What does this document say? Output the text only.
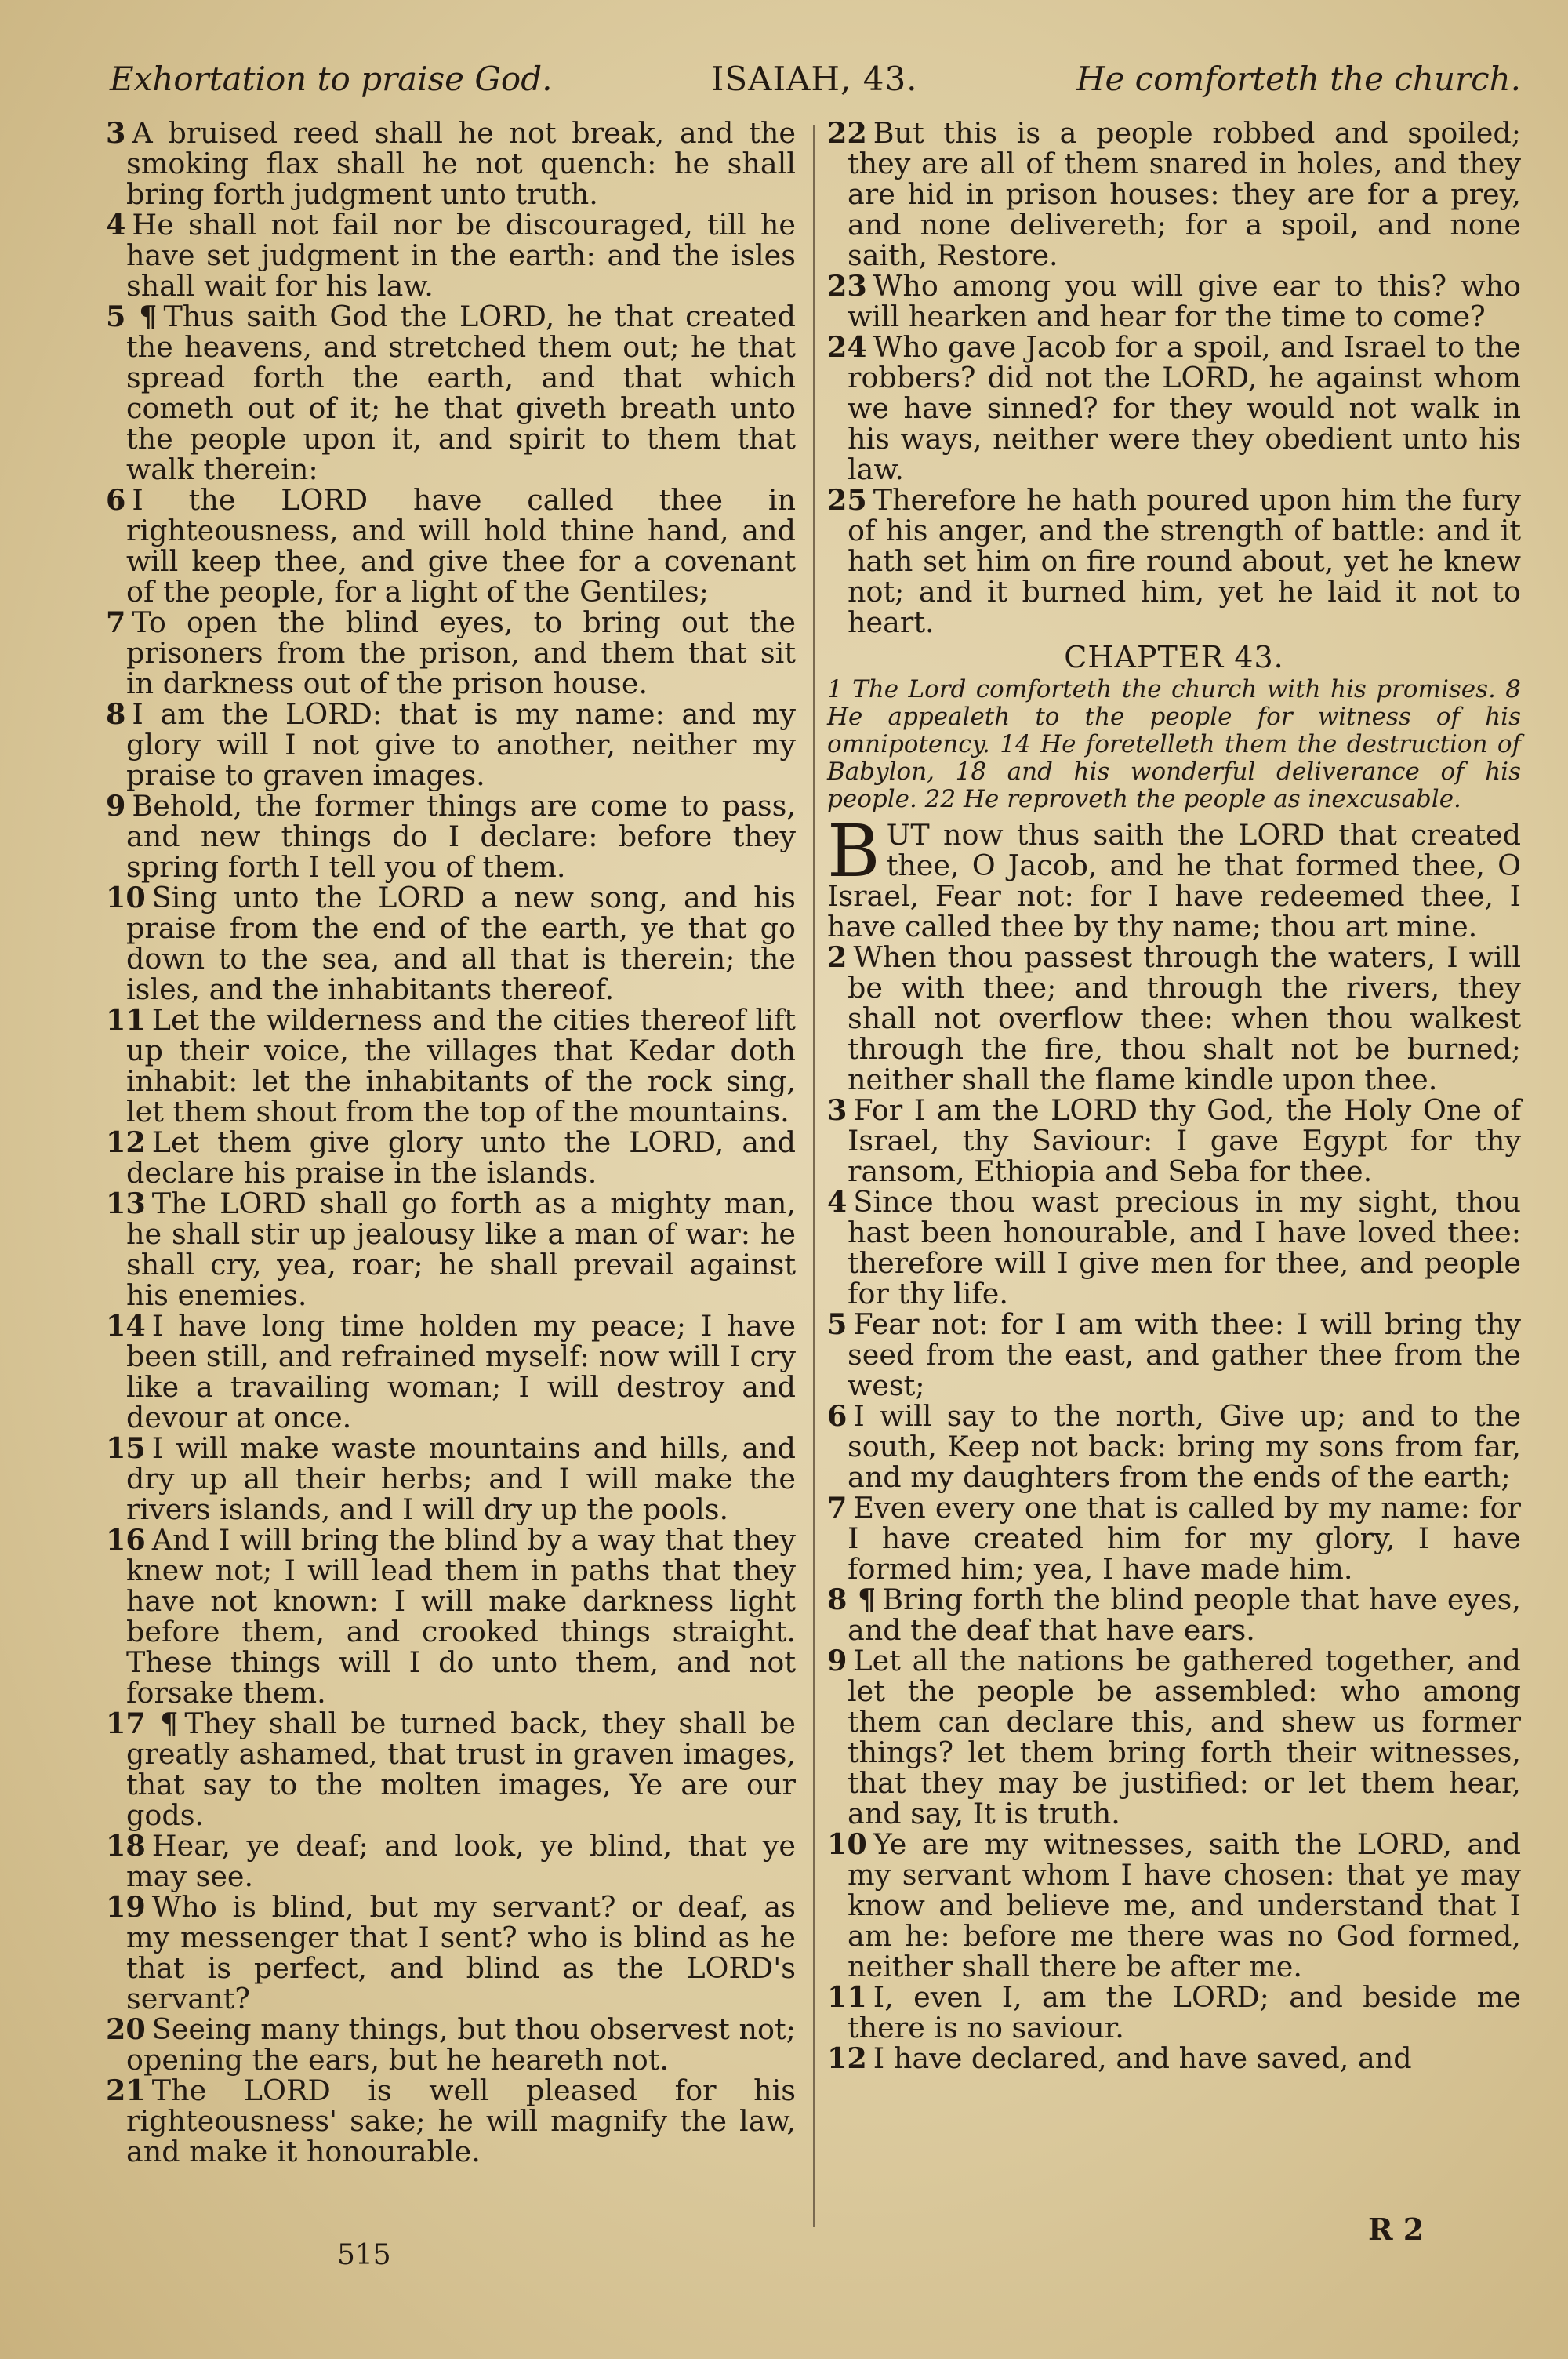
Exhortation to praise God.	ISAIAH, 43.	He comforteth the church.

3 A bruised reed shall he not break, and the smoking flax shall he not quench: he shall bring forth judgment unto truth.

4 He shall not fail nor be discouraged, till he have set judgment in the earth: and the isles shall wait for his law.

5 ¶ Thus saith God the LORD, he that created the heavens, and stretched them out; he that spread forth the earth, and that which cometh out of it; he that giveth breath unto the people upon it, and spirit to them that walk therein:

6 I the LORD have called thee in righteousness, and will hold thine hand, and will keep thee, and give thee for a covenant of the people, for a light of the Gentiles;

7 To open the blind eyes, to bring out the prisoners from the prison, and them that sit in darkness out of the prison house.

8 I am the LORD: that is my name: and my glory will I not give to another, neither my praise to graven images.

9 Behold, the former things are come to pass, and new things do I declare: before they spring forth I tell you of them.

10 Sing unto the LORD a new song, and his praise from the end of the earth, ye that go down to the sea, and all that is therein; the isles, and the inhabitants thereof.

11 Let the wilderness and the cities thereof lift up their voice, the villages that Kedar doth inhabit: let the inhabitants of the rock sing, let them shout from the top of the mountains.

12 Let them give glory unto the LORD, and declare his praise in the islands.

13 The LORD shall go forth as a mighty man, he shall stir up jealousy like a man of war: he shall cry, yea, roar; he shall prevail against his enemies.

14 I have long time holden my peace; I have been still, and refrained myself: now will I cry like a travailing woman; I will destroy and devour at once.

15 I will make waste mountains and hills, and dry up all their herbs; and I will make the rivers islands, and I will dry up the pools.

16 And I will bring the blind by a way that they knew not; I will lead them in paths that they have not known: I will make darkness light before them, and crooked things straight. These things will I do unto them, and not forsake them.

17 ¶ They shall be turned back, they shall be greatly ashamed, that trust in graven images, that say to the molten images, Ye are our gods.

18 Hear, ye deaf; and look, ye blind, that ye may see.

19 Who is blind, but my servant? or deaf, as my messenger that I sent? who is blind as he that is perfect, and blind as the LORD's servant?

20 Seeing many things, but thou observest not; opening the ears, but he heareth not.

21 The LORD is well pleased for his righteousness' sake; he will magnify the law, and make it honourable.

22 But this is a people robbed and spoiled; they are all of them snared in holes, and they are hid in prison houses: they are for a prey, and none delivereth; for a spoil, and none saith, Restore.

23 Who among you will give ear to this? who will hearken and hear for the time to come?

24 Who gave Jacob for a spoil, and Israel to the robbers? did not the LORD, he against whom we have sinned? for they would not walk in his ways, neither were they obedient unto his law.

25 Therefore he hath poured upon him the fury of his anger, and the strength of battle: and it hath set him on fire round about, yet he knew not; and it burned him, yet he laid it not to heart.

CHAPTER 43.

1 The Lord comforteth the church with his promises. 8 He appealeth to the people for witness of his omnipotency. 14 He foretelleth them the destruction of Babylon, 18 and his wonderful deliverance of his people. 22 He reproveth the people as inexcusable.

BUT now thus saith the LORD that created thee, O Jacob, and he that formed thee, O Israel, Fear not: for I have redeemed thee, I have called thee by thy name; thou art mine.

2 When thou passest through the waters, I will be with thee; and through the rivers, they shall not overflow thee: when thou walkest through the fire, thou shalt not be burned; neither shall the flame kindle upon thee.

3 For I am the LORD thy God, the Holy One of Israel, thy Saviour: I gave Egypt for thy ransom, Ethiopia and Seba for thee.

4 Since thou wast precious in my sight, thou hast been honourable, and I have loved thee: therefore will I give men for thee, and people for thy life.

5 Fear not: for I am with thee: I will bring thy seed from the east, and gather thee from the west;

6 I will say to the north, Give up; and to the south, Keep not back: bring my sons from far, and my daughters from the ends of the earth;

7 Even every one that is called by my name: for I have created him for my glory, I have formed him; yea, I have made him.

8 ¶ Bring forth the blind people that have eyes, and the deaf that have ears.

9 Let all the nations be gathered together, and let the people be assembled: who among them can declare this, and shew us former things? let them bring forth their witnesses, that they may be justified: or let them hear, and say, It is truth.

10 Ye are my witnesses, saith the LORD, and my servant whom I have chosen: that ye may know and believe me, and understand that I am he: before me there was no God formed, neither shall there be after me.

11 I, even I, am the LORD; and beside me there is no saviour.

12 I have declared, and have saved, and

515
R 2
